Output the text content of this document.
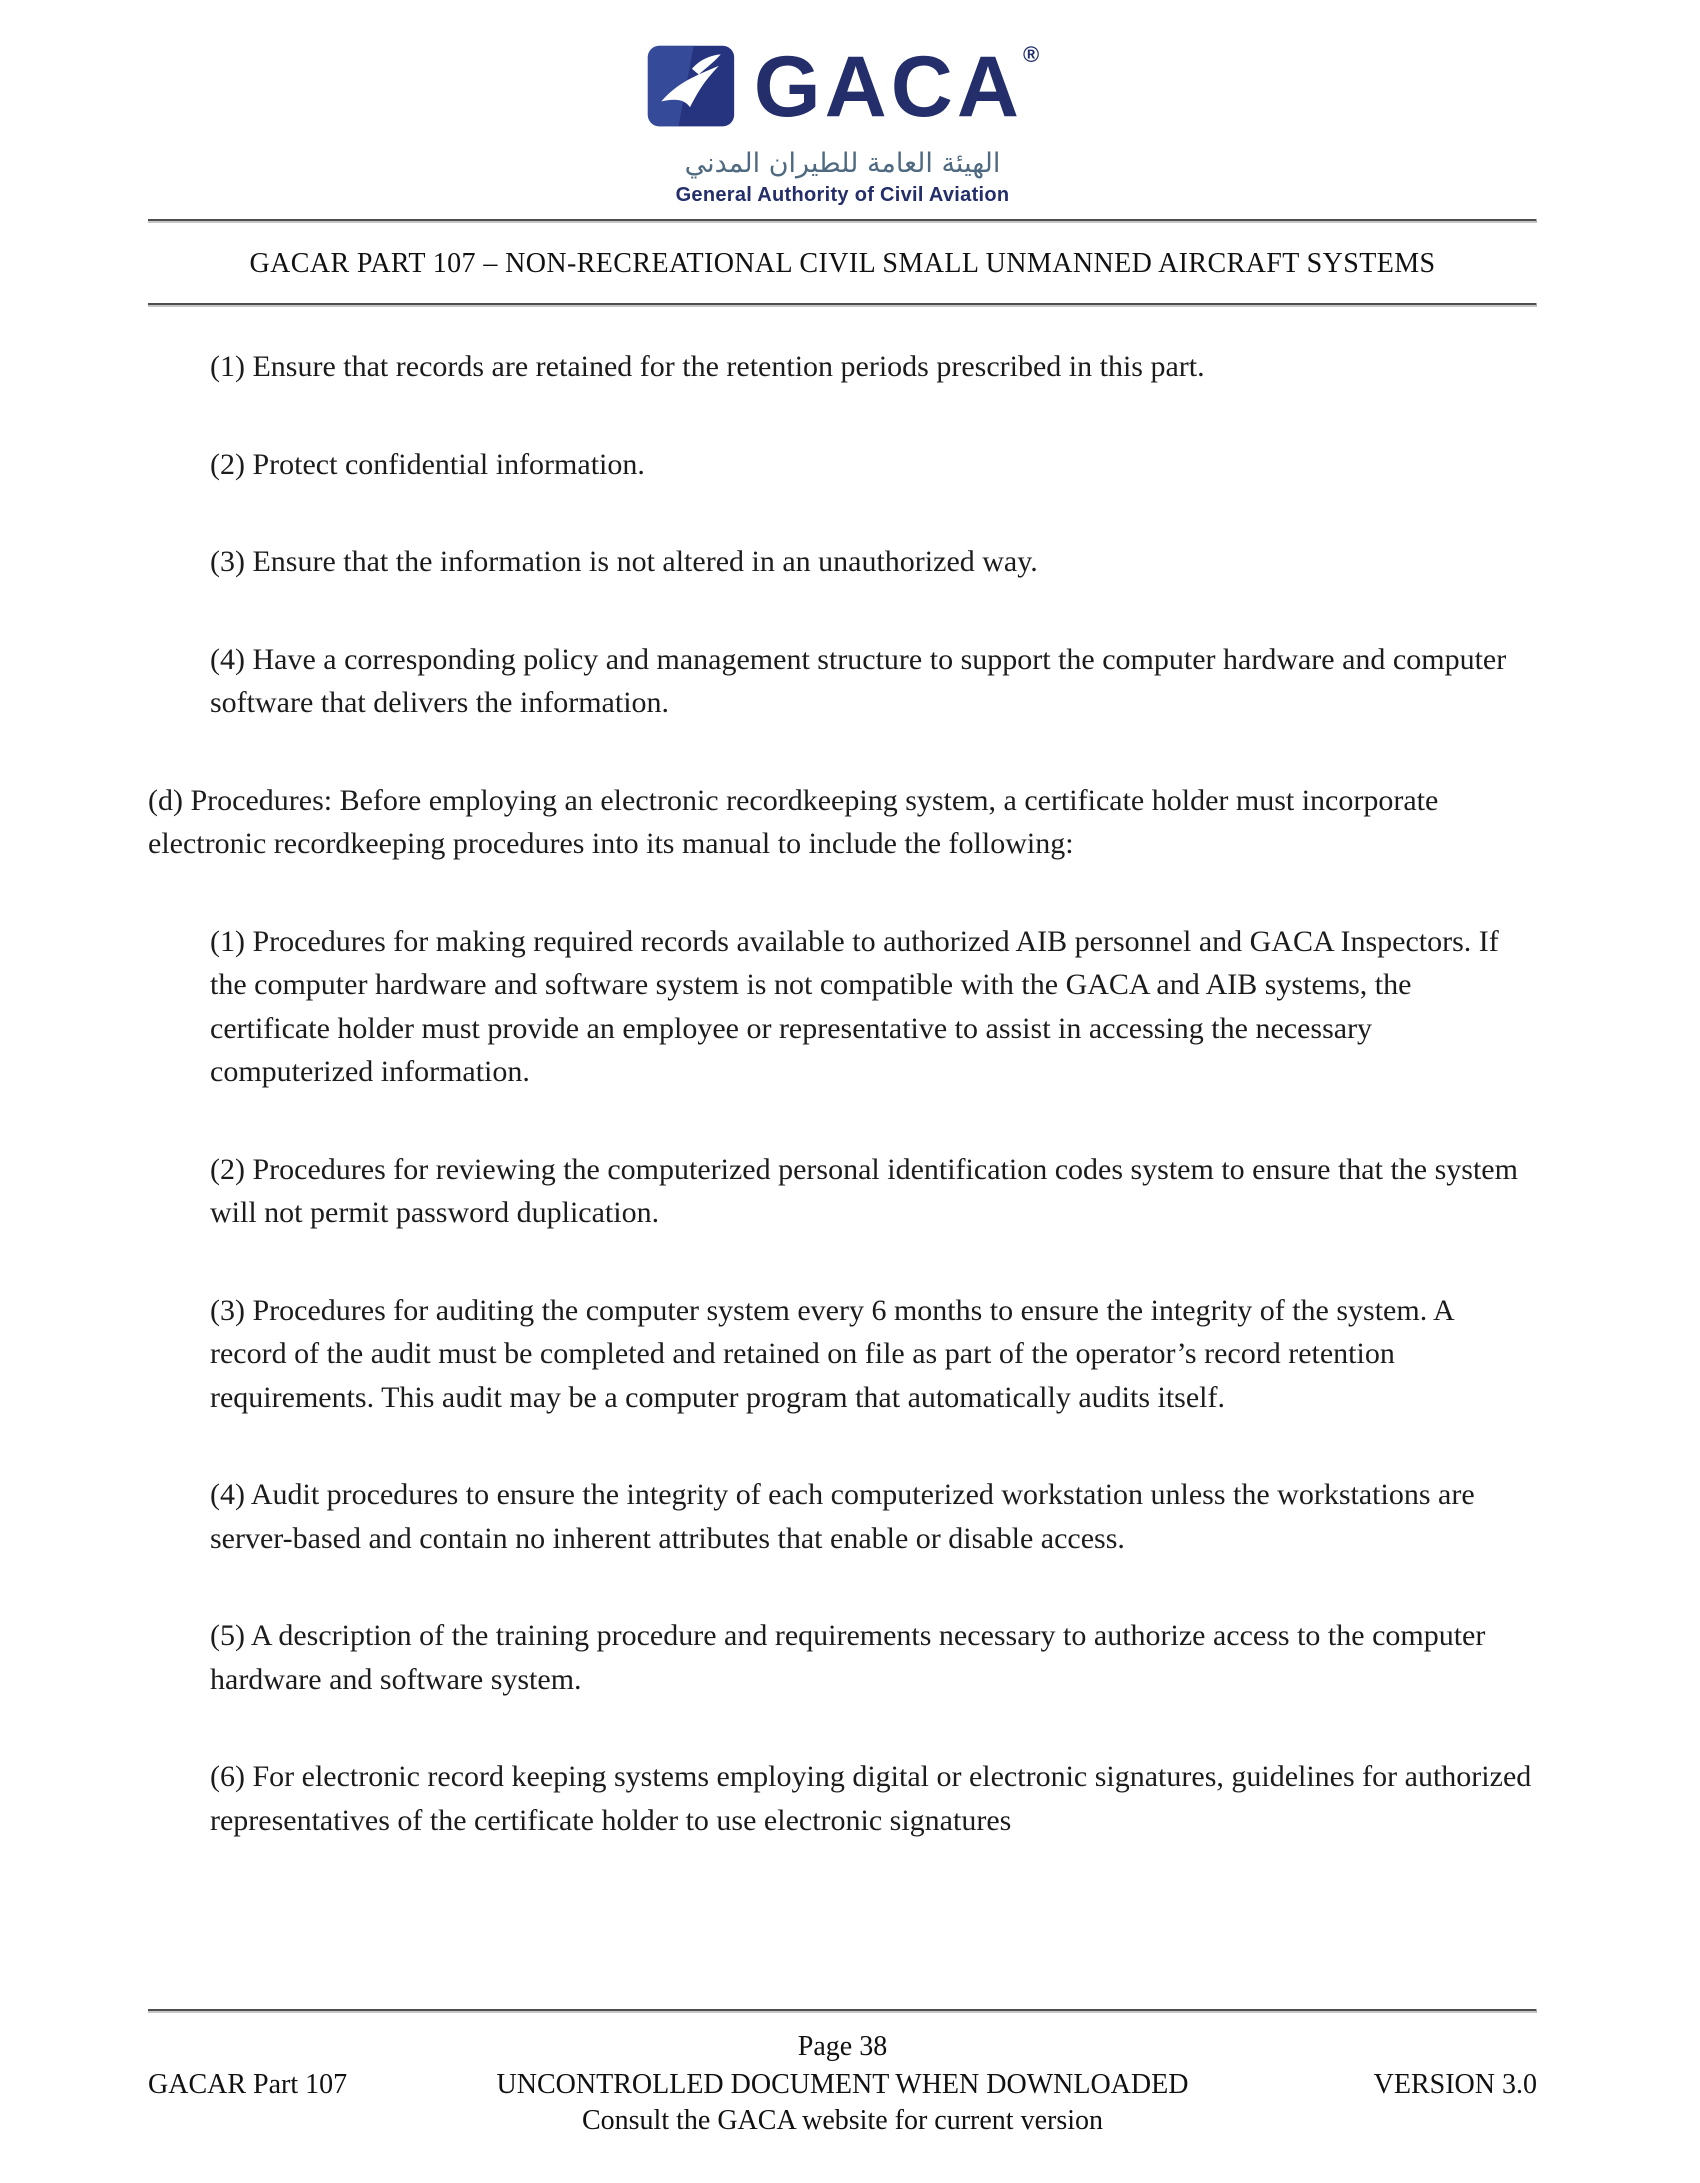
GACA®
الهيئة العامة للطيران المدني
General Authority of Civil Aviation
GACAR PART 107 – NON-RECREATIONAL CIVIL SMALL UNMANNED AIRCRAFT SYSTEMS

(1) Ensure that records are retained for the retention periods prescribed in this part.

(2) Protect confidential information.

(3) Ensure that the information is not altered in an unauthorized way.

(4) Have a corresponding policy and management structure to support the computer hardware and computer software that delivers the information.

(d) Procedures: Before employing an electronic recordkeeping system, a certificate holder must incorporate electronic recordkeeping procedures into its manual to include the following:

(1) Procedures for making required records available to authorized AIB personnel and GACA Inspectors. If the computer hardware and software system is not compatible with the GACA and AIB systems, the certificate holder must provide an employee or representative to assist in accessing the necessary computerized information.

(2) Procedures for reviewing the computerized personal identification codes system to ensure that the system will not permit password duplication.

(3) Procedures for auditing the computer system every 6 months to ensure the integrity of the system. A record of the audit must be completed and retained on file as part of the operator’s record retention requirements. This audit may be a computer program that automatically audits itself.

(4) Audit procedures to ensure the integrity of each computerized workstation unless the workstations are server-based and contain no inherent attributes that enable or disable access.

(5) A description of the training procedure and requirements necessary to authorize access to the computer hardware and software system.

(6) For electronic record keeping systems employing digital or electronic signatures, guidelines for authorized representatives of the certificate holder to use electronic signatures

Page 38
GACAR Part 107	UNCONTROLLED DOCUMENT WHEN DOWNLOADED	VERSION 3.0
Consult the GACA website for current version
